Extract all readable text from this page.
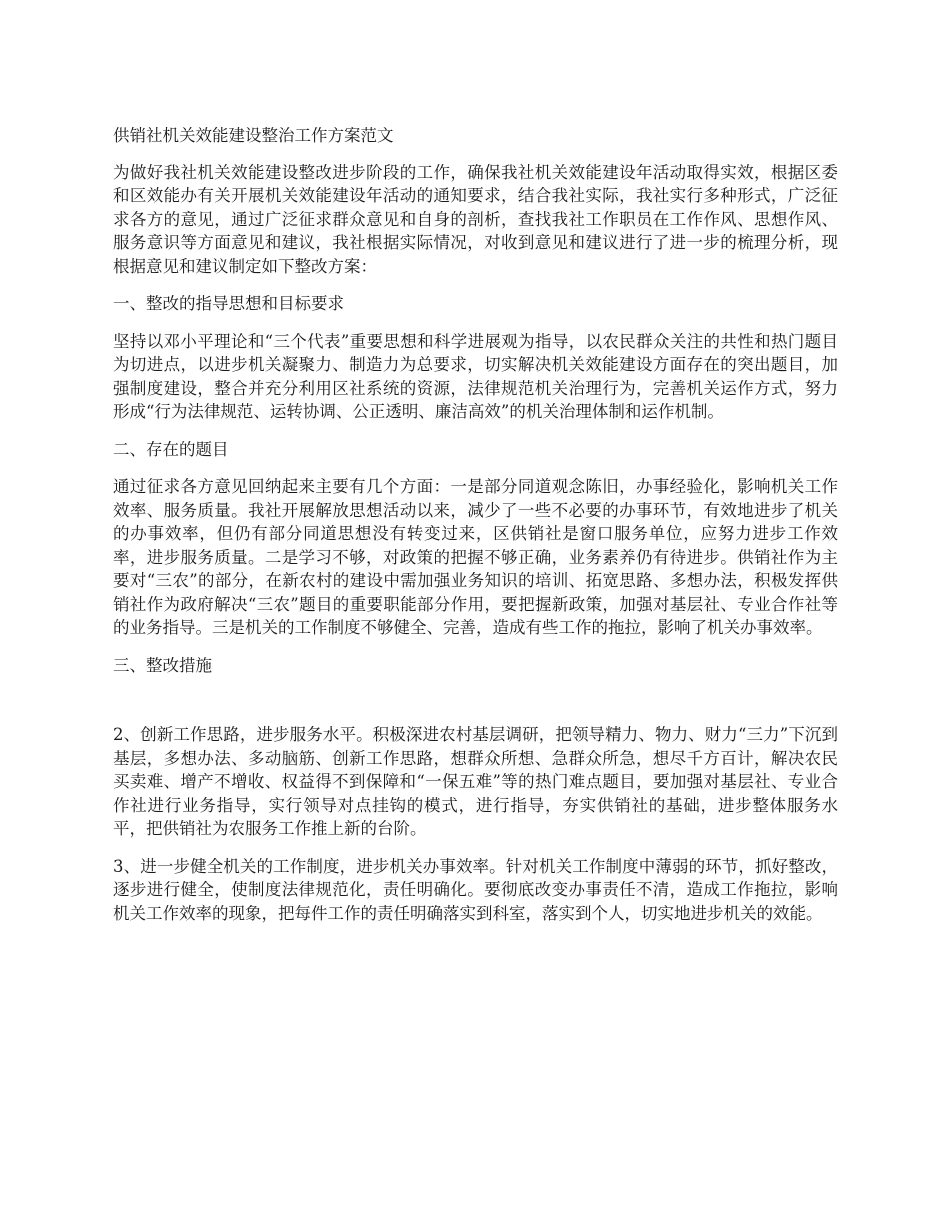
供销社机关效能建设整治工作方案范文

为做好我社机关效能建设整改进步阶段的工作，确保我社机关效能建设年活动取得实效，根据区委和区效能办有关开展机关效能建设年活动的通知要求，结合我社实际，我社实行多种形式，广泛征求各方的意见，通过广泛征求群众意见和自身的剖析，查找我社工作职员在工作作风、思想作风、服务意识等方面意见和建议，我社根据实际情况，对收到意见和建议进行了进一步的梳理分析，现根据意见和建议制定如下整改方案：

一、整改的指导思想和目标要求

坚持以邓小平理论和“三个代表”重要思想和科学进展观为指导，以农民群众关注的共性和热门题目为切进点，以进步机关凝聚力、制造力为总要求，切实解决机关效能建设方面存在的突出题目，加强制度建设，整合并充分利用区社系统的资源，法律规范机关治理行为，完善机关运作方式，努力形成“行为法律规范、运转协调、公正透明、廉洁高效”的机关治理体制和运作机制。

二、存在的题目

通过征求各方意见回纳起来主要有几个方面：一是部分同道观念陈旧，办事经验化，影响机关工作效率、服务质量。我社开展解放思想活动以来，减少了一些不必要的办事环节，有效地进步了机关的办事效率，但仍有部分同道思想没有转变过来，区供销社是窗口服务单位，应努力进步工作效率，进步服务质量。二是学习不够，对政策的把握不够正确，业务素养仍有待进步。供销社作为主要对“三农”的部分，在新农村的建设中需加强业务知识的培训、拓宽思路、多想办法，积极发挥供销社作为政府解决“三农”题目的重要职能部分作用，要把握新政策，加强对基层社、专业合作社等的业务指导。三是机关的工作制度不够健全、完善，造成有些工作的拖拉，影响了机关办事效率。

三、整改措施

2、创新工作思路，进步服务水平。积极深进农村基层调研，把领导精力、物力、财力“三力”下沉到基层，多想办法、多动脑筋、创新工作思路，想群众所想、急群众所急，想尽千方百计，解决农民买卖难、增产不增收、权益得不到保障和“一保五难”等的热门难点题目，要加强对基层社、专业合作社进行业务指导，实行领导对点挂钩的模式，进行指导，夯实供销社的基础，进步整体服务水平，把供销社为农服务工作推上新的台阶。

3、进一步健全机关的工作制度，进步机关办事效率。针对机关工作制度中薄弱的环节，抓好整改，逐步进行健全，使制度法律规范化，责任明确化。要彻底改变办事责任不清，造成工作拖拉，影响机关工作效率的现象，把每件工作的责任明确落实到科室，落实到个人，切实地进步机关的效能。
